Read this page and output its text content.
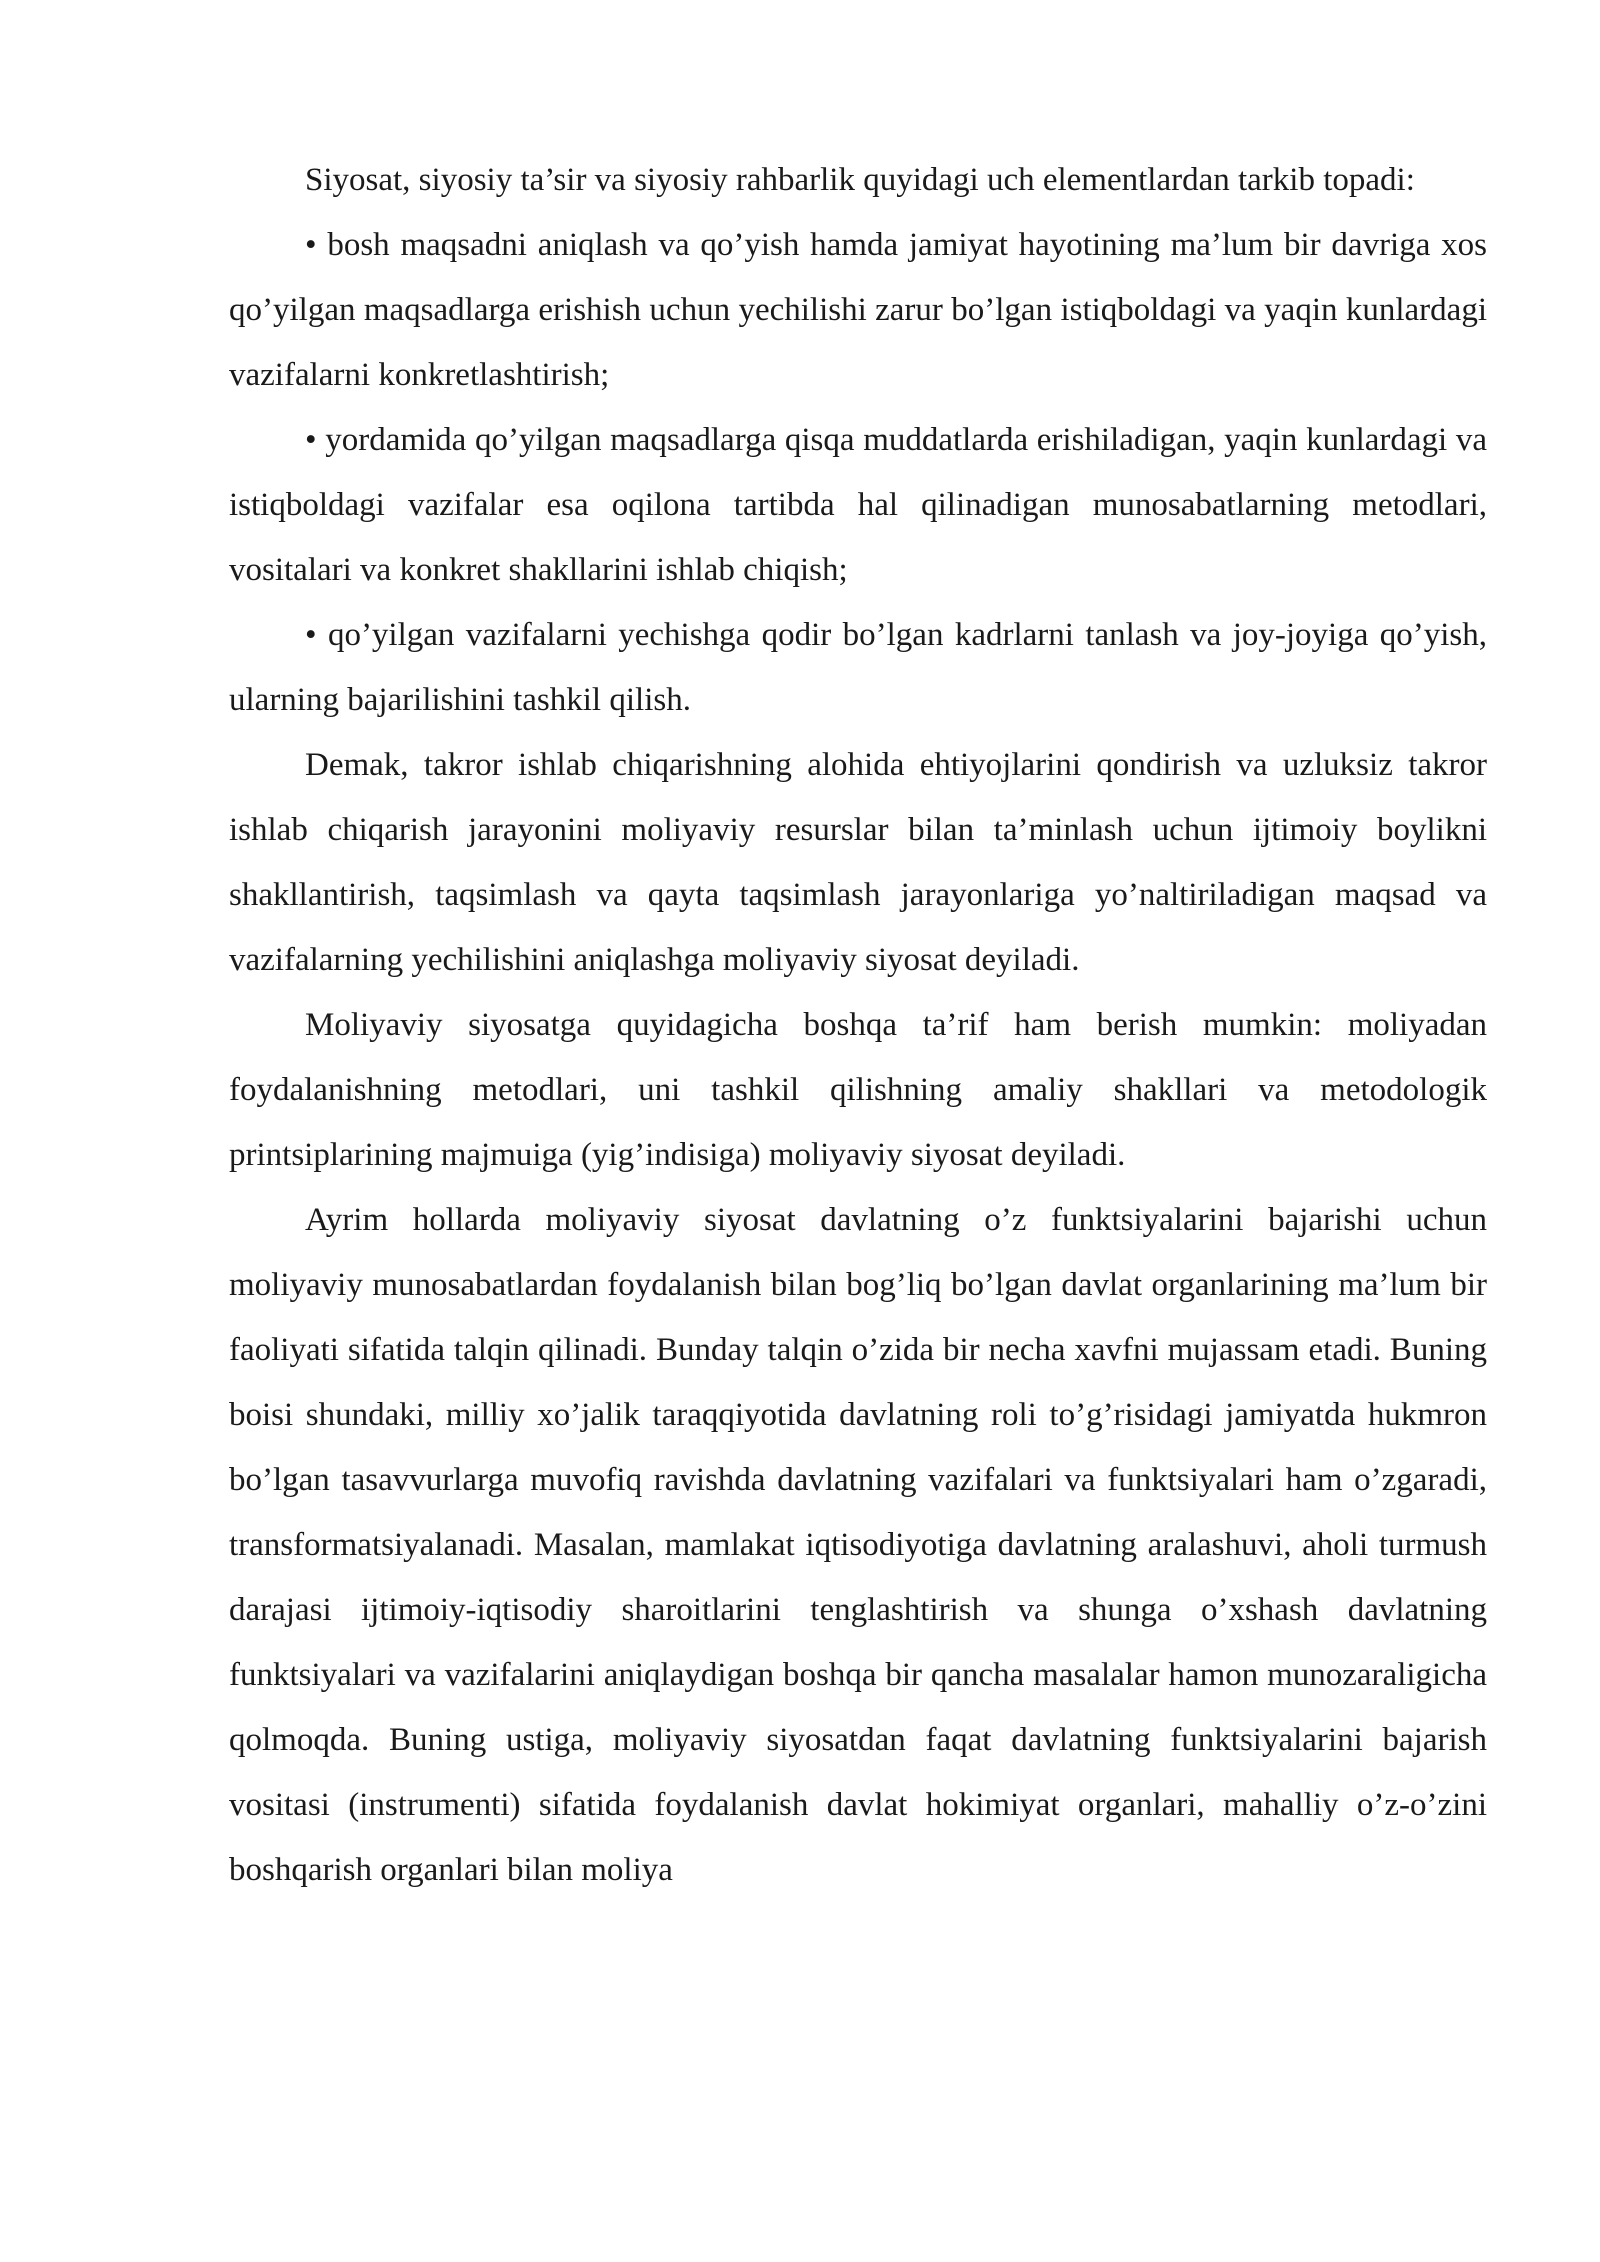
Siyosat, siyosiy ta’sir va siyosiy rahbarlik quyidagi uch elementlardan tarkib topadi:

• bosh maqsadni aniqlash va qo’yish hamda jamiyat hayotining ma’lum bir davriga xos qo’yilgan maqsadlarga erishish uchun yechilishi zarur bo’lgan istiqboldagi va yaqin kunlardagi vazifalarni konkretlashtirish;

• yordamida qo’yilgan maqsadlarga qisqa muddatlarda erishiladigan, yaqin kunlardagi va istiqboldagi vazifalar esa oqilona tartibda hal qilinadigan munosabatlarning metodlari, vositalari va konkret shakllarini ishlab chiqish;

• qo’yilgan vazifalarni yechishga qodir bo’lgan kadrlarni tanlash va joy-joyiga qo’yish, ularning bajarilishini tashkil qilish.

Demak, takror ishlab chiqarishning alohida ehtiyojlarini qondirish va uzluksiz takror ishlab chiqarish jarayonini moliyaviy resurslar bilan ta’minlash uchun ijtimoiy boylikni shakllantirish, taqsimlash va qayta taqsimlash jarayonlariga yo’naltiriladigan maqsad va vazifalarning yechilishini aniqlashga moliyaviy siyosat deyiladi.

Moliyaviy siyosatga quyidagicha boshqa ta’rif ham berish mumkin: moliyadan foydalanishning metodlari, uni tashkil qilishning amaliy shakllari va metodologik printsiplarining majmuiga (yig’indisiga) moliyaviy siyosat deyiladi.

Ayrim hollarda moliyaviy siyosat davlatning o’z funktsiyalarini bajarishi uchun moliyaviy munosabatlardan foydalanish bilan bog’liq bo’lgan davlat organlarining ma’lum bir faoliyati sifatida talqin qilinadi. Bunday talqin o’zida bir necha xavfni mujassam etadi. Buning boisi shundaki, milliy xo’jalik taraqqiyotida davlatning roli to’g’risidagi jamiyatda hukmron bo’lgan tasavvurlarga muvofiq ravishda davlatning vazifalari va funktsiyalari ham o’zgaradi, transformatsiyalanadi. Masalan, mamlakat iqtisodiyotiga davlatning aralashuvi, aholi turmush darajasi ijtimoiy-iqtisodiy sharoitlarini tenglashtirish va shunga o’xshash davlatning funktsiyalari va vazifalarini aniqlaydigan boshqa bir qancha masalalar hamon munozaraligicha qolmoqda. Buning ustiga, moliyaviy siyosatdan faqat davlatning funktsiyalarini bajarish vositasi (instrumenti) sifatida foydalanish davlat hokimiyat organlari, mahalliy o’z-o’zini boshqarish organlari bilan moliya
